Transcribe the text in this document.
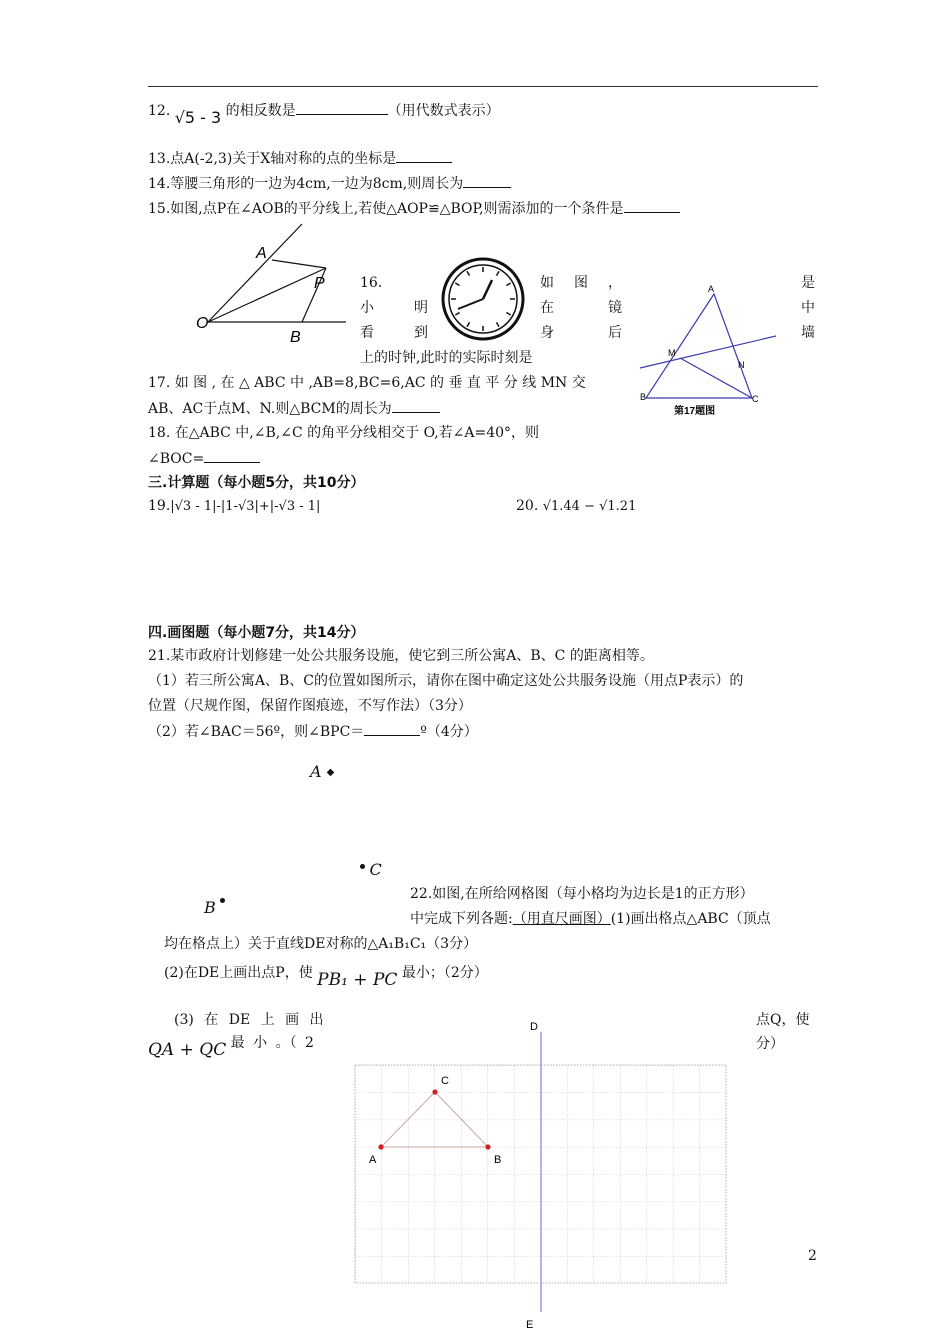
12. √5 - 3 的相反数是	（用代数式表示）
13.点A(-2,3)关于X轴对称的点的坐标是
14.等腰三角形的一边为4cm,一边为8cm,则周长为
15.如图,点P在∠AOB的平分线上,若使△AOP≌△BOP,则需添加的一个条件是
A
P
O
B
16.	如 图 ，	是
小	明	在	镜	中
看	到	身	后	墙
上的时钟,此时的实际时刻是
A
M
N
B	C
第17题图
17. 如 图 , 在 △ ABC 中 ,AB=8,BC=6,AC 的 垂 直 平 分 线 MN 交
AB、AC于点M、N.则△BCM的周长为
18. 在△ABC 中,∠B,∠C 的角平分线相交于 O,若∠A=40°，则
∠BOC=
三.计算题（每小题5分，共10分）
19.|√3 - 1|-|1-√3|+|-√3 - 1|	20. √1.44 − √1.21
四.画图题（每小题7分，共14分）
21.某市政府计划修建一处公共服务设施，使它到三所公寓A、B、C 的距离相等。
（1）若三所公寓A、B、C的位置如图所示，请你在图中确定这处公共服务设施（用点P表示）的
位置（尺规作图，保留作图痕迹，不写作法）（3分）
（2）若∠BAC＝56º，则∠BPC＝	º（4分）
A ◆
C
B
22.如图,在所给网格图（每小格均为边长是1的正方形）
中完成下列各题:（用直尺画图）(1)画出格点△ABC（顶点
均在格点上）关于直线DE对称的△A₁B₁C₁（3分）
(2)在DE上画出点P，使 PB₁ + PC 最小；（2分）
(3) 在 DE 上 画 出
QA + QC 最 小 。（ 2
点Q，使
分）
D
C
A	B
E
2
